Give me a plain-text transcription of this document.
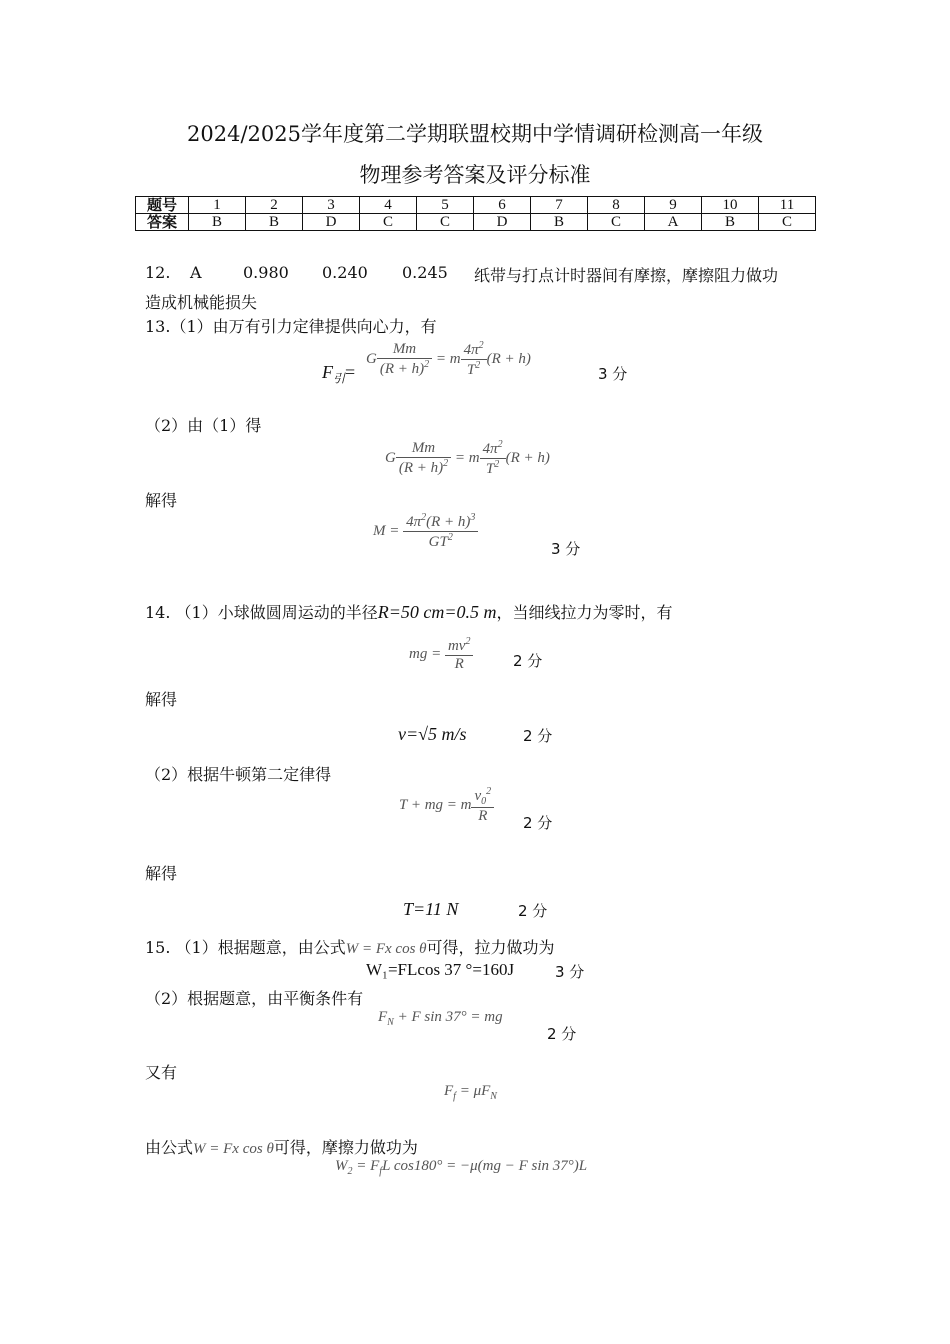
2024/2025学年度第二学期联盟校期中学情调研检测高一年级
物理参考答案及评分标准
题号	1	2	3	4	5	6	7	8	9	10	11
答案	B	B	D	C	C	D	B	C	A	B	C
12. A	0.980 0.240 0.245 纸带与打点计时器间有摩擦，摩擦阻力做功
造成机械能损失
13.（1）由万有引力定律提供向心力，有
$F_引=$
G $\frac{Mm}{(R + h)^2} = m \frac{4\pi^2}{T^2} (R + h)$
3 分
（2）由（1）得
G $\frac{Mm}{(R + h)^2} = m \frac{4\pi^2}{T^2} (R + h)$
解得
$M = \frac{4\pi^2(R + h)^3}{GT^2}$	3 分
14. （1）小球做圆周运动的半径R=50 cm=0.5 m，当细线拉力为零时，有
mg = $\frac{mv^2}{R}$	2 分
解得
v=√5 m/s	2 分
（2）根据牛顿第二定律得
T + mg = m $\frac{v_0^2}{R} 2$ 分
解得
T=11 N	2 分
15. （1）根据题意，由公式W = Fx cos θ可得，拉力做功为
W₁=FLcos 37 °=160J	3 分
（2）根据题意，由平衡条件有
$F_N + F$ sin 37° = mg
2 分
又有
$F_f = \mu F_N$
由公式W = Fx cos θ可得，摩擦力做功为
$W_2 = F_fL$ cos180° = −μ(mg − F sin 37°)L
